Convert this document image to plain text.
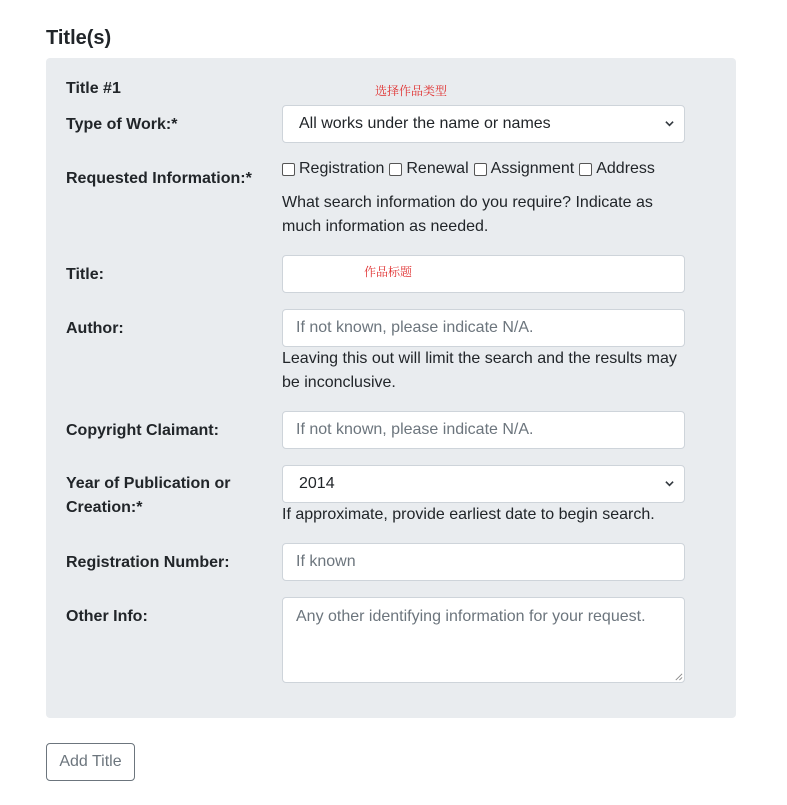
Title(s)
Title #1	选择作品类型
Type of Work:*	All works under the name or names
Requested Information:*
Registration Renewal Assignment Address
What search information do you require? Indicate as much information as needed.
Title:	作品标题
Author:	If not known, please indicate N/A.
Leaving this out will limit the search and the results may be inconclusive.
Copyright Claimant:	If not known, please indicate N/A.
Year of Publication or Creation:*
2014
If approximate, provide earliest date to begin search.
Registration Number:	If known
Other Info:	Any other identifying information for your request.
Add Title
